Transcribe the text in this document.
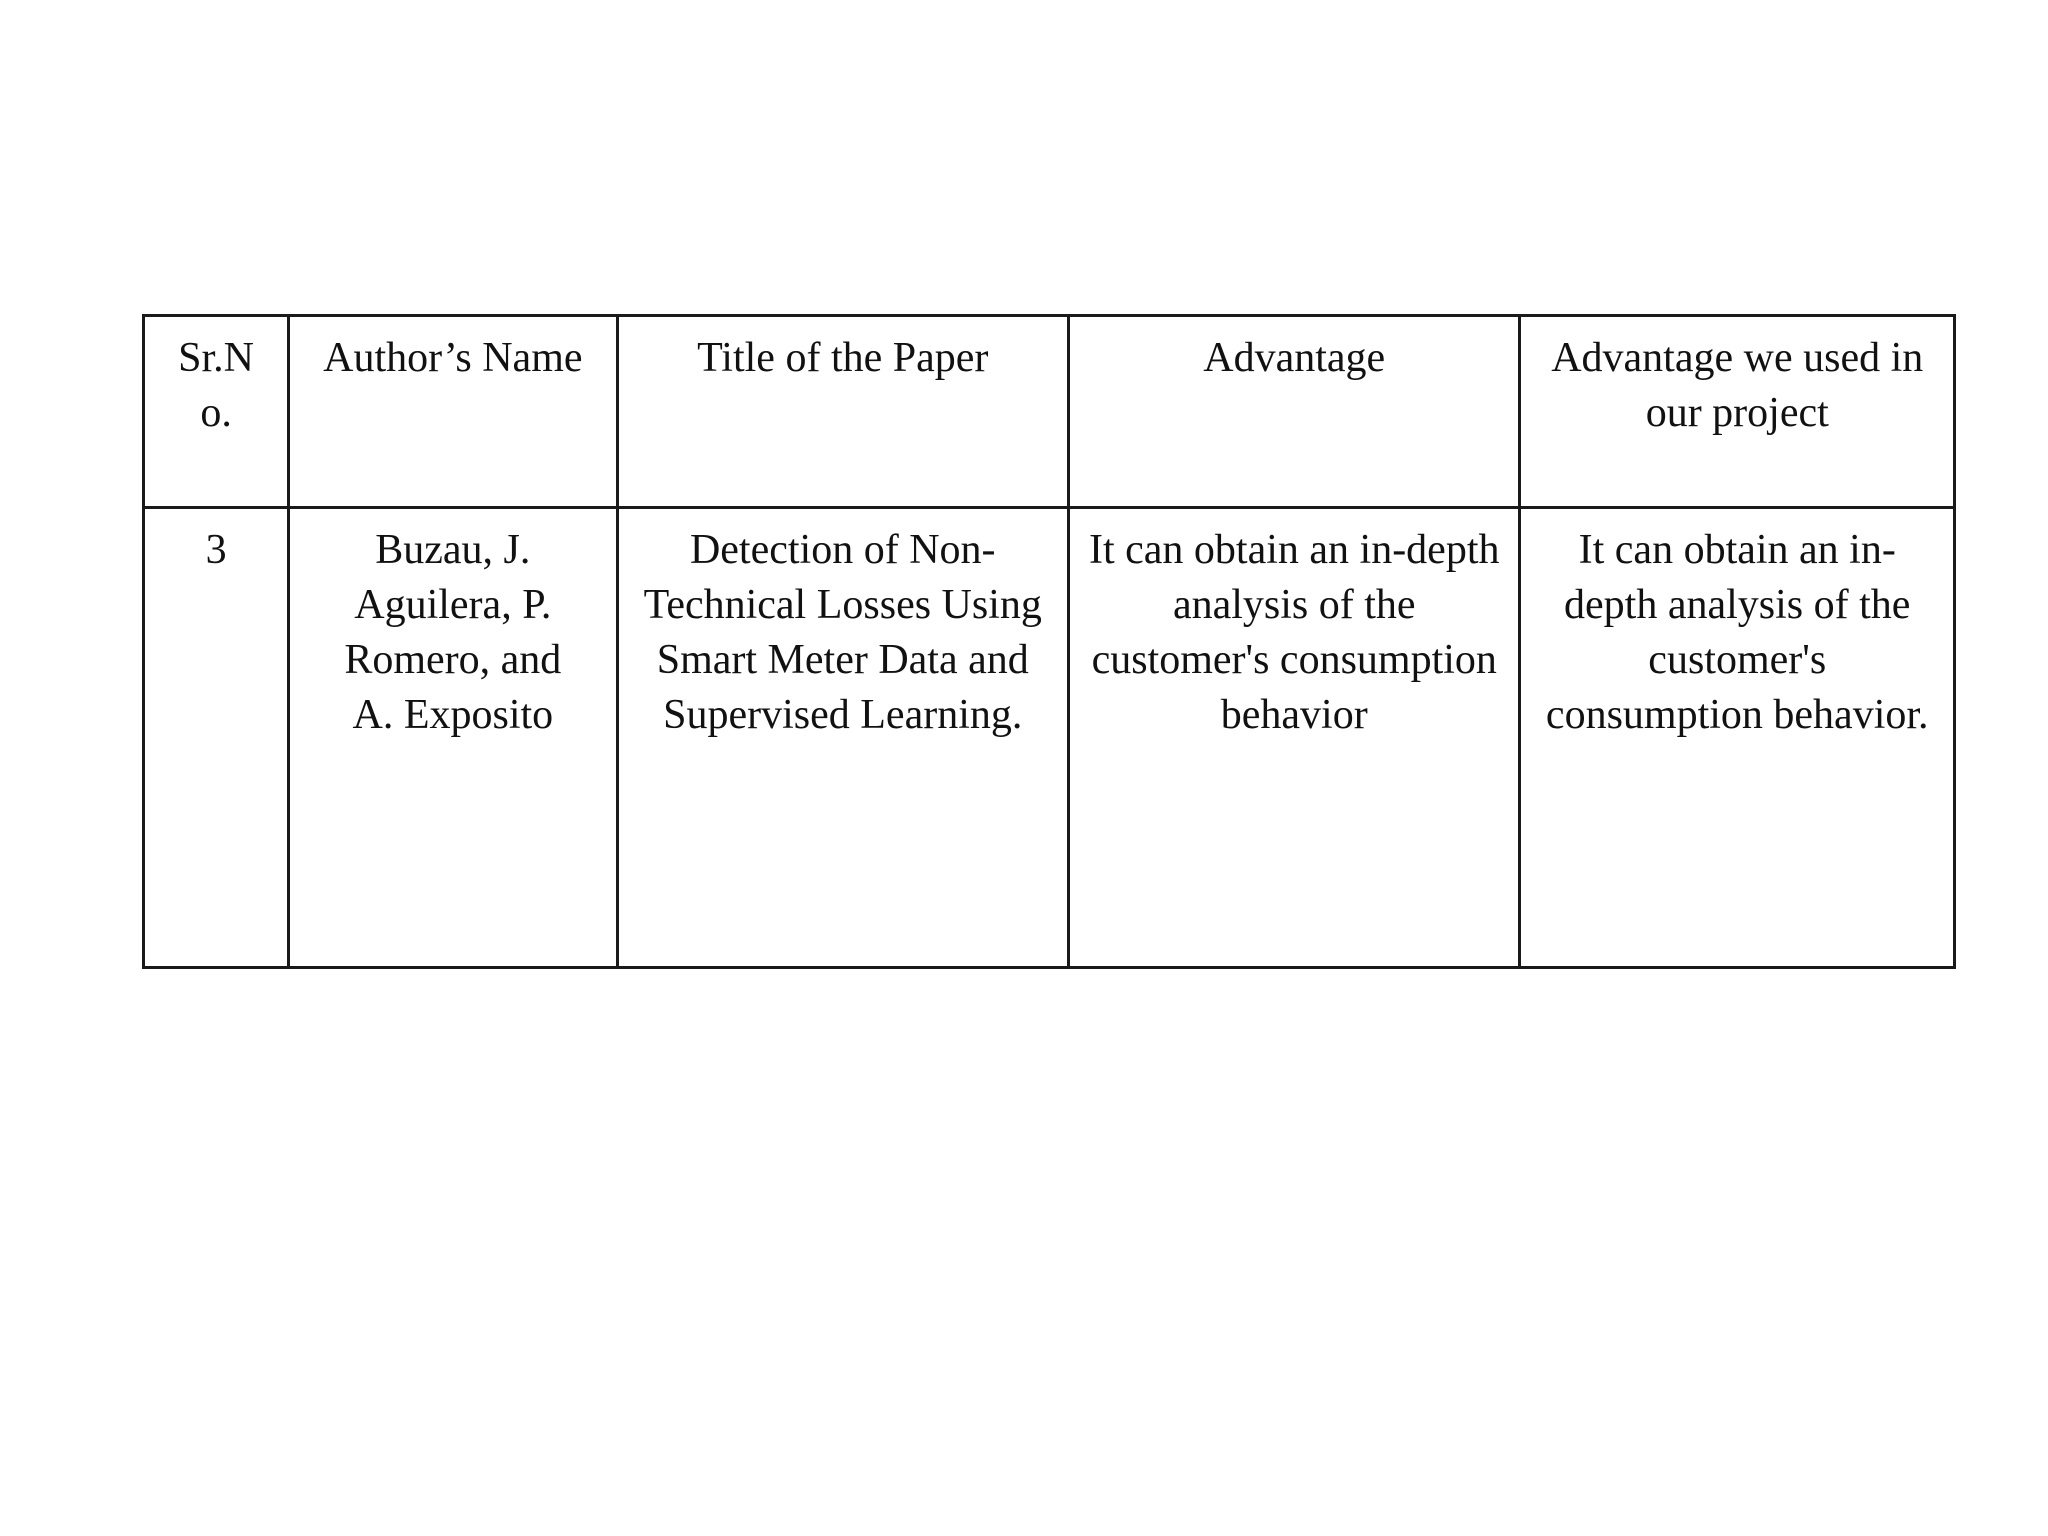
Sr.No.	Author’s Name	Title of the Paper	Advantage	Advantage we used in our project
3	Buzau, J. Aguilera, P. Romero, and A. Exposito	Detection of Non-Technical Losses Using Smart Meter Data and Supervised Learning.	It can obtain an in-depth analysis of the customer's consumption behavior	It can obtain an in-depth analysis of the customer's consumption behavior.
